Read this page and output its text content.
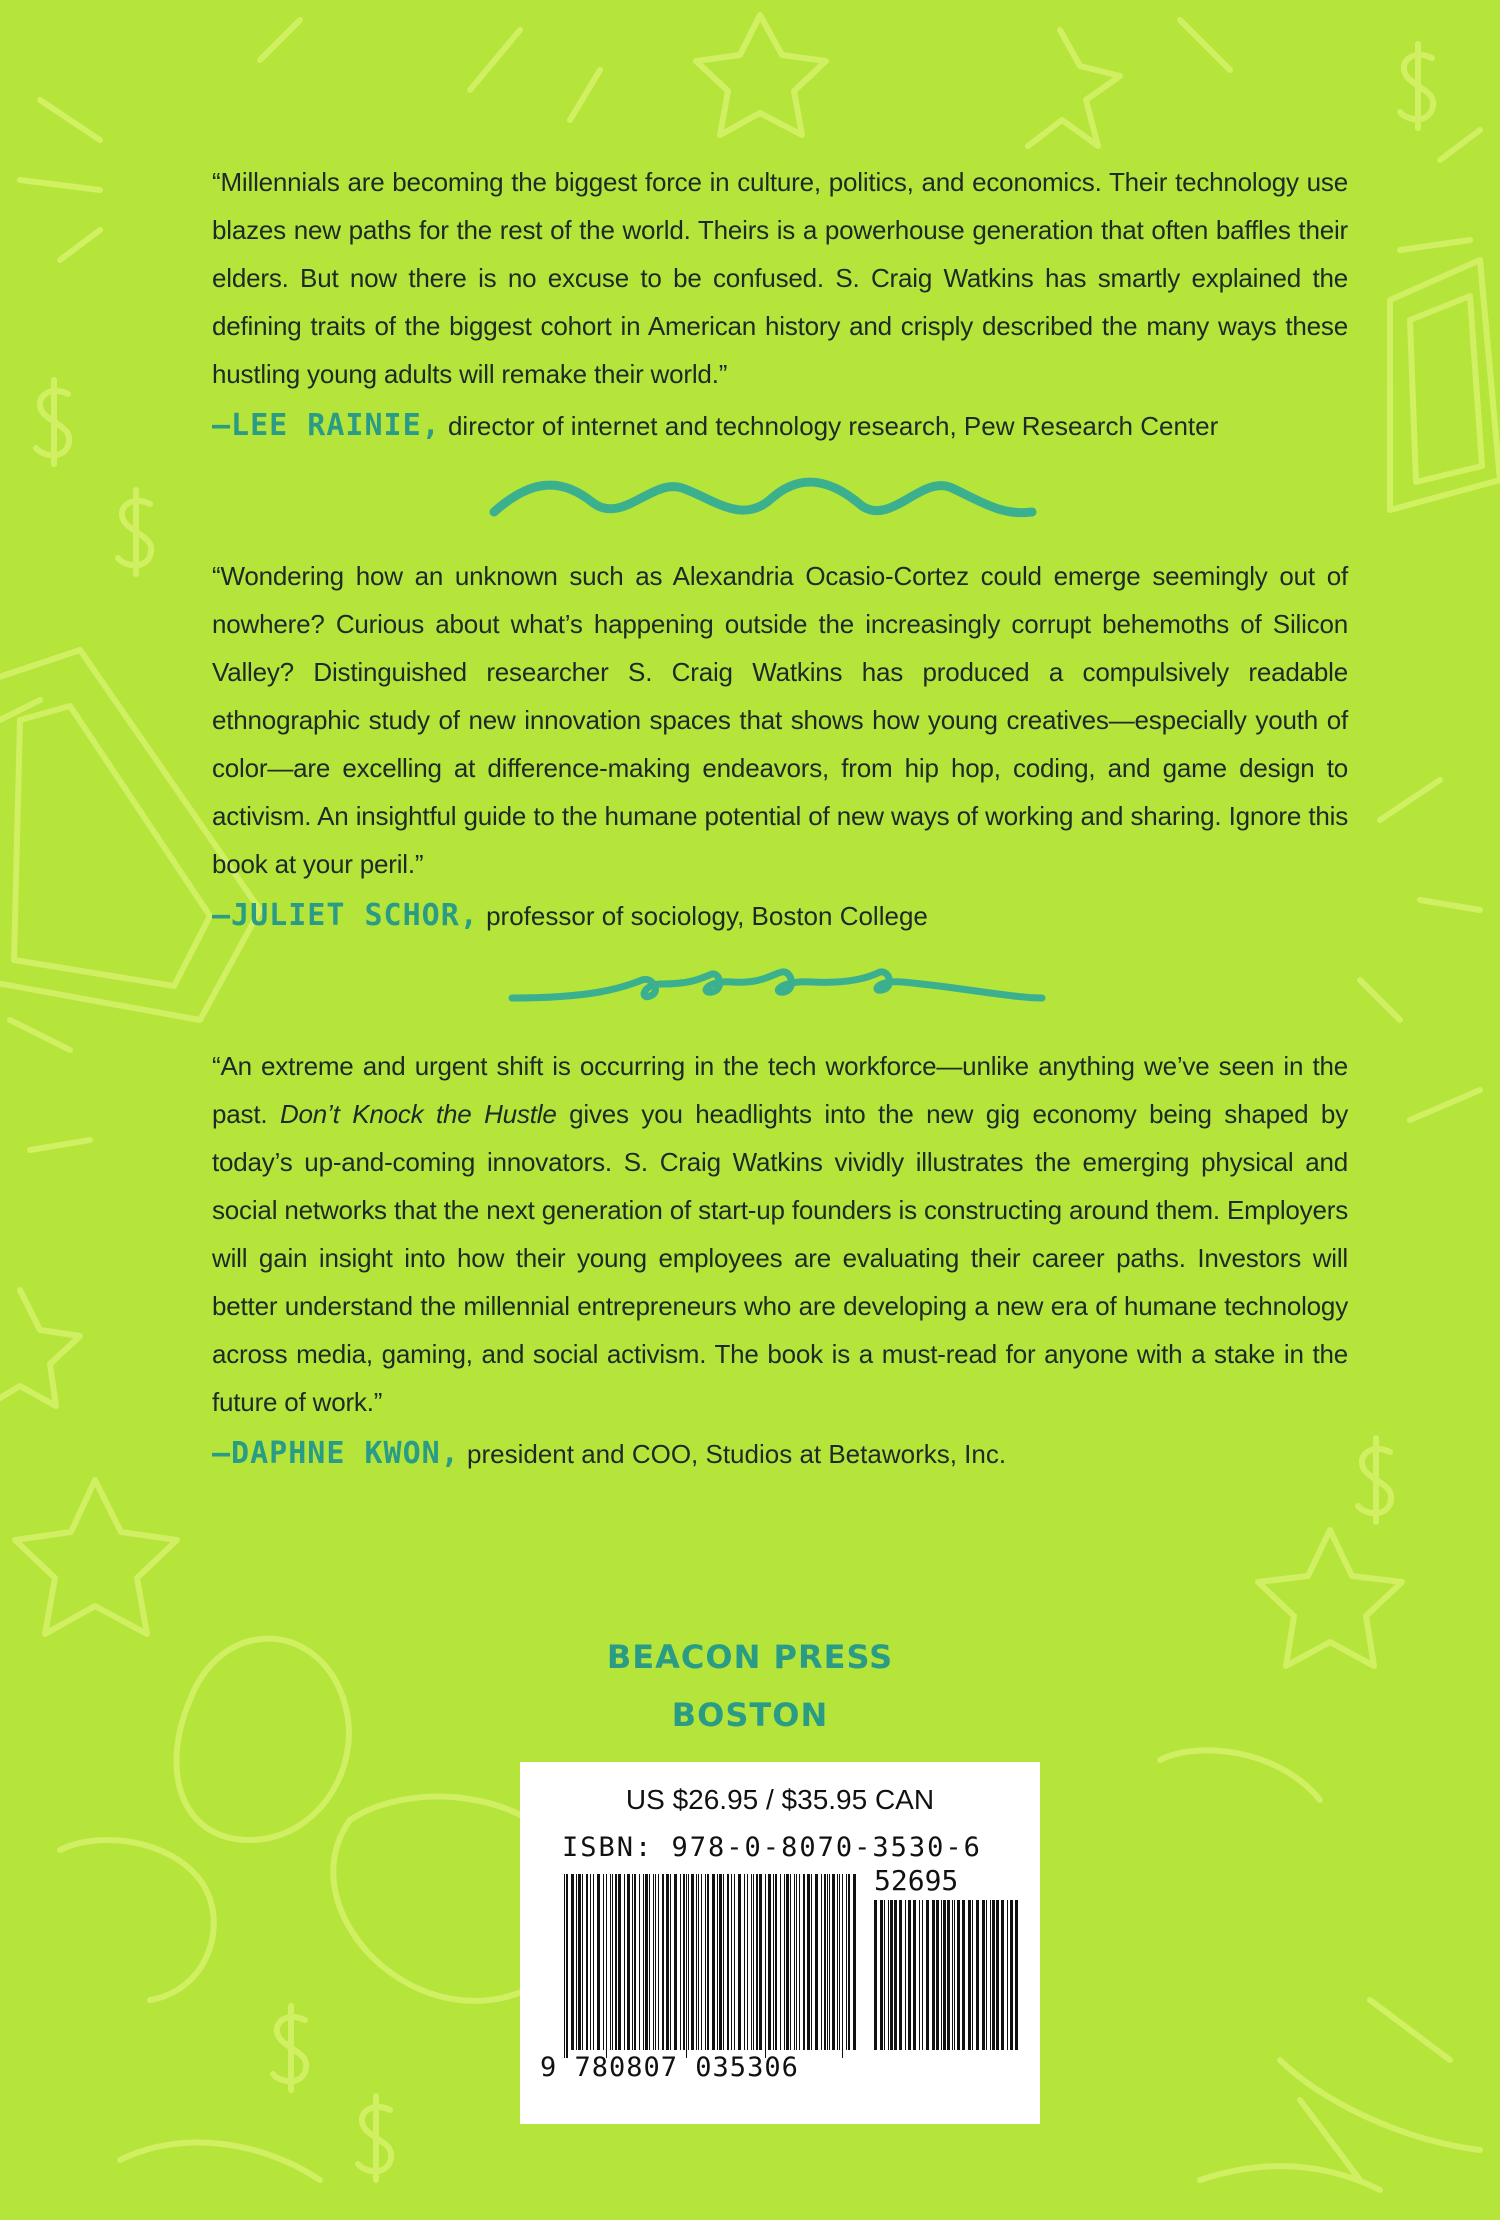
“Millennials are becoming the biggest force in culture, politics, and economics. Their technology use blazes new paths for the rest of the world. Theirs is a powerhouse generation that often baffles their elders. But now there is no excuse to be confused. S. Craig Watkins has smartly explained the defining traits of the biggest cohort in American history and crisply described the many ways these hustling young adults will remake their world.”

—LEE RAINIE, director of internet and technology research, Pew Research Center

“Wondering how an unknown such as Alexandria Ocasio-Cortez could emerge seemingly out of nowhere? Curious about what’s happening outside the increasingly corrupt behemoths of Silicon Valley? Distinguished researcher S. Craig Watkins has produced a compulsively readable ethnographic study of new innovation spaces that shows how young creatives—especially youth of color—are excelling at difference-making endeavors, from hip hop, coding, and game design to activism. An insightful guide to the humane potential of new ways of working and sharing. Ignore this book at your peril.”

—JULIET SCHOR, professor of sociology, Boston College

“An extreme and urgent shift is occurring in the tech workforce—unlike anything we’ve seen in the past. Don’t Knock the Hustle gives you headlights into the new gig economy being shaped by today’s up-and-coming innovators. S. Craig Watkins vividly illustrates the emerging physical and social networks that the next generation of start-up founders is constructing around them. Employers will gain insight into how their young employees are evaluating their career paths. Investors will better understand the millennial entrepreneurs who are developing a new era of humane technology across media, gaming, and social activism. The book is a must-read for anyone with a stake in the future of work.”

—DAPHNE KWON, president and COO, Studios at Betaworks, Inc.

BEACON PRESS
BOSTON
US $26.95 / $35.95 CAN
ISBN: 978-0-8070-3530-6
52695
9 780807 035306
